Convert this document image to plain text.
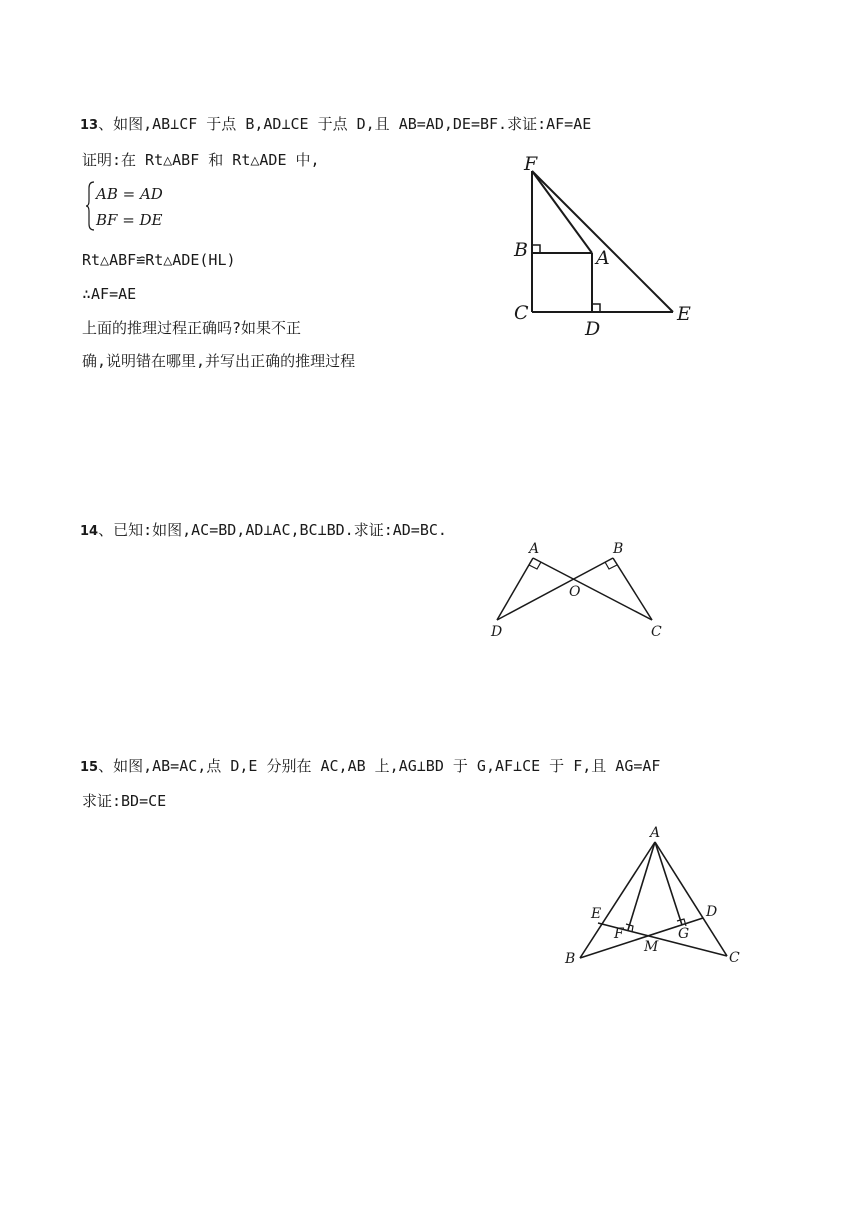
13、如图,AB⊥CF 于点 B,AD⊥CE 于点 D,且 AB=AD,DE=BF.求证:AF=AE
证明:在 Rt△ABF 和 Rt△ADE 中,
AB = AD
BF = DE
Rt△ABF≌Rt△ADE(HL)
∴AF=AE
上面的推理过程正确吗?如果不正
确,说明错在哪里,并写出正确的推理过程
F
B	A
C
D
E
14、已知:如图,AC=BD,AD⊥AC,BC⊥BD.求证:AD=BC.
A	B
O
D	C
15、如图,AB=AC,点 D,E 分别在 AC,AB 上,AG⊥BD 于 G,AF⊥CE 于 F,且 AG=AF
求证:BD=CE
A
E	D
F	G
M
B	C
